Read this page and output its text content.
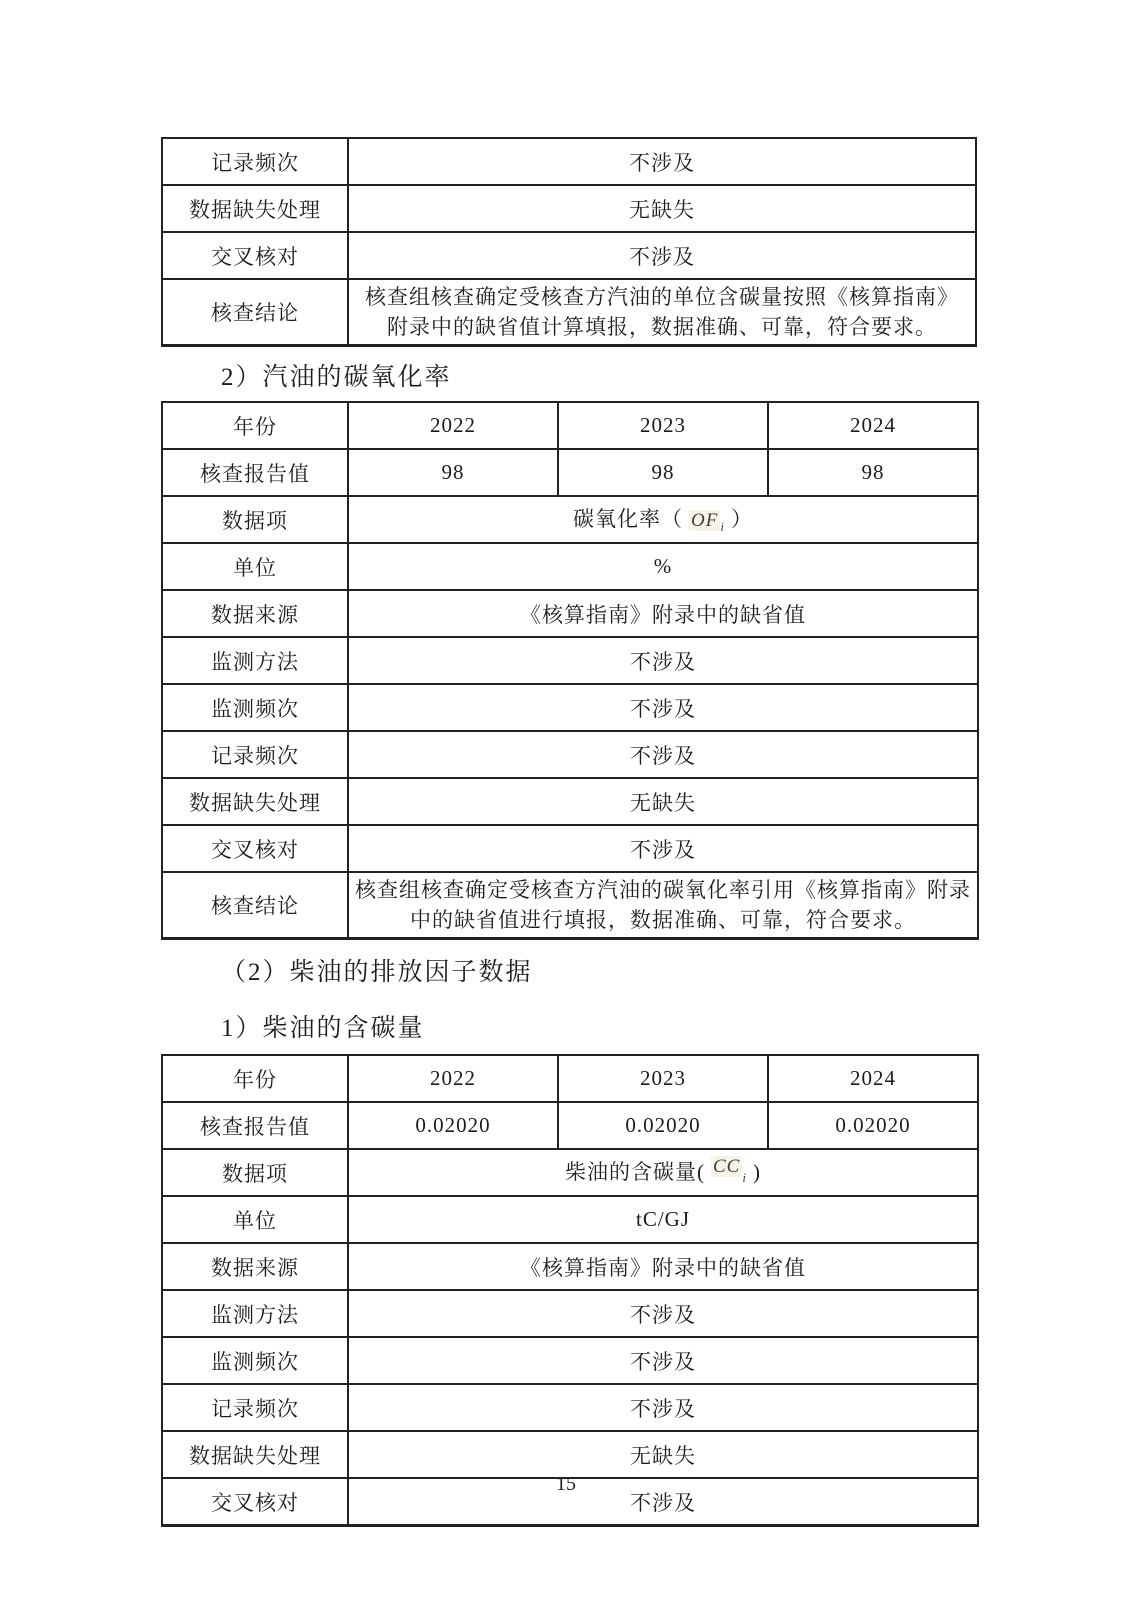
记录频次	不涉及
数据缺失处理	无缺失
交叉核对	不涉及
核查结论	核查组核查确定受核查方汽油的单位含碳量按照《核算指南》附录中的缺省值计算填报，数据准确、可靠，符合要求。
2）汽油的碳氧化率
年份	2022	2023	2024
核查报告值	98	98	98
数据项	碳氧化率（ OF $_i$ ）		
单位	%		
数据来源	《核算指南》附录中的缺省值		
监测方法	不涉及		
监测频次	不涉及		
记录频次	不涉及		
数据缺失处理	无缺失		
交叉核对	不涉及		
核查结论	核查组核查确定受核查方汽油的碳氧化率引用《核算指南》附录中的缺省值进行填报，数据准确、可靠，符合要求。		
（2）柴油的排放因子数据
1）柴油的含碳量
年份	2022	2023	2024
核查报告值	0.02020	0.02020	0.02020
数据项	柴油的含碳量( CC $_i$ )		
单位	tC/GJ		
数据来源	《核算指南》附录中的缺省值		
监测方法	不涉及		
监测频次	不涉及		
记录频次	不涉及		
数据缺失处理	无缺失		
交叉核对	不涉及		
15
